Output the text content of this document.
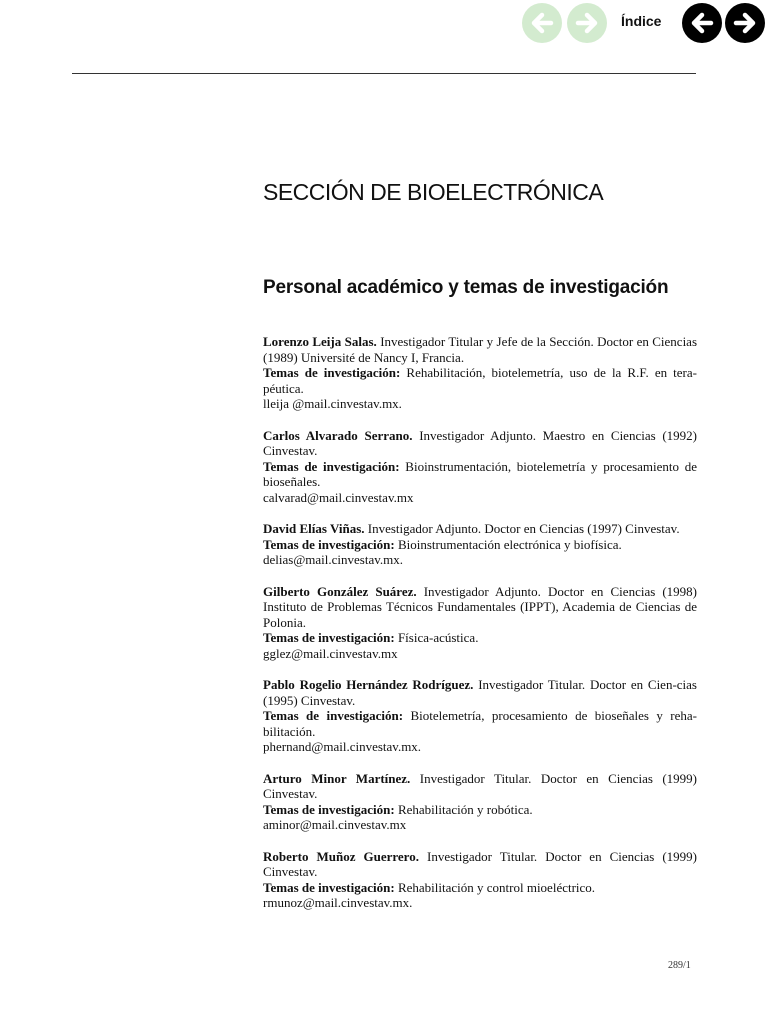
Índice
SECCIÓN DE BIOELECTRÓNICA
Personal académico y temas de investigación

Lorenzo Leija Salas. Investigador Titular y Jefe de la Sección. Doctor en Ciencias (1989) Université de Nancy I, Francia.

Temas de investigación: Rehabilitación, biotelemetría, uso de la R.F. en tera-péutica.

lleija @mail.cinvestav.mx.

Carlos Alvarado Serrano. Investigador Adjunto. Maestro en Ciencias (1992) Cinvestav.

Temas de investigación: Bioinstrumentación, biotelemetría y procesamiento de bioseñales.

calvarad@mail.cinvestav.mx

David Elías Viñas. Investigador Adjunto. Doctor en Ciencias (1997) Cinvestav.

Temas de investigación: Bioinstrumentación electrónica y biofísica.

delias@mail.cinvestav.mx.

Gilberto González Suárez. Investigador Adjunto. Doctor en Ciencias (1998) Instituto de Problemas Técnicos Fundamentales (IPPT), Academia de Ciencias de Polonia.

Temas de investigación: Física-acústica.

gglez@mail.cinvestav.mx

Pablo Rogelio Hernández Rodríguez. Investigador Titular. Doctor en Cien-cias (1995) Cinvestav.

Temas de investigación: Biotelemetría, procesamiento de bioseñales y reha-bilitación.

phernand@mail.cinvestav.mx.

Arturo Minor Martínez. Investigador Titular. Doctor en Ciencias (1999) Cinvestav.

Temas de investigación: Rehabilitación y robótica.

aminor@mail.cinvestav.mx

Roberto Muñoz Guerrero. Investigador Titular. Doctor en Ciencias (1999) Cinvestav.

Temas de investigación: Rehabilitación y control mioeléctrico.

rmunoz@mail.cinvestav.mx.

289/1
